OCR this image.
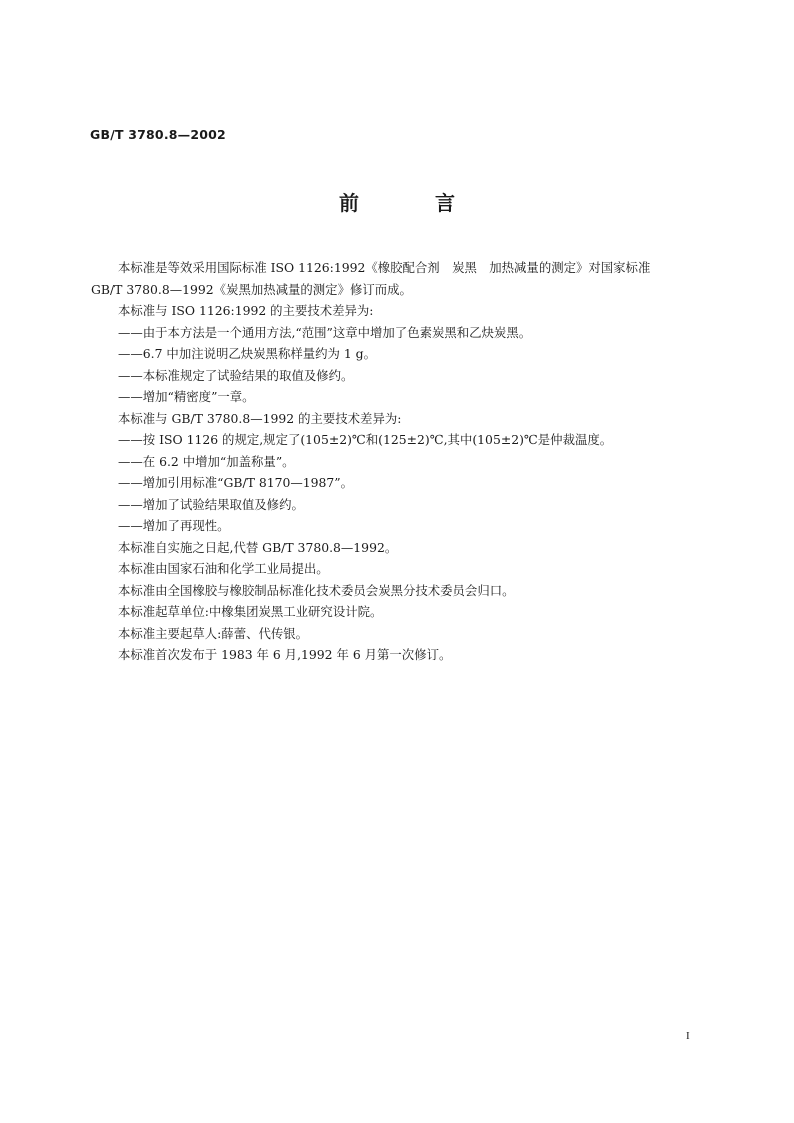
GB/T 3780.8—2002
前	言

本标准是等效采用国际标准 ISO 1126:1992《橡胶配合剂　炭黑　加热减量的测定》对国家标准

GB/T 3780.8—1992《炭黑加热减量的测定》修订而成。

本标准与 ISO 1126:1992 的主要技术差异为:

——由于本方法是一个通用方法,“范围”这章中增加了色素炭黑和乙炔炭黑。

——6.7 中加注说明乙炔炭黑称样量约为 1 g。

——本标准规定了试验结果的取值及修约。

——增加“精密度”一章。

本标准与 GB/T 3780.8—1992 的主要技术差异为:

——按 ISO 1126 的规定,规定了(105±2)℃和(125±2)℃,其中(105±2)℃是仲裁温度。

——在 6.2 中增加“加盖称量”。

——增加引用标准“GB/T 8170—1987”。

——增加了试验结果取值及修约。

——增加了再现性。

本标准自实施之日起,代替 GB/T 3780.8—1992。

本标准由国家石油和化学工业局提出。

本标准由全国橡胶与橡胶制品标准化技术委员会炭黑分技术委员会归口。

本标准起草单位:中橡集团炭黑工业研究设计院。

本标准主要起草人:薛蕾、代传银。

本标准首次发布于 1983 年 6 月,1992 年 6 月第一次修订。

I
